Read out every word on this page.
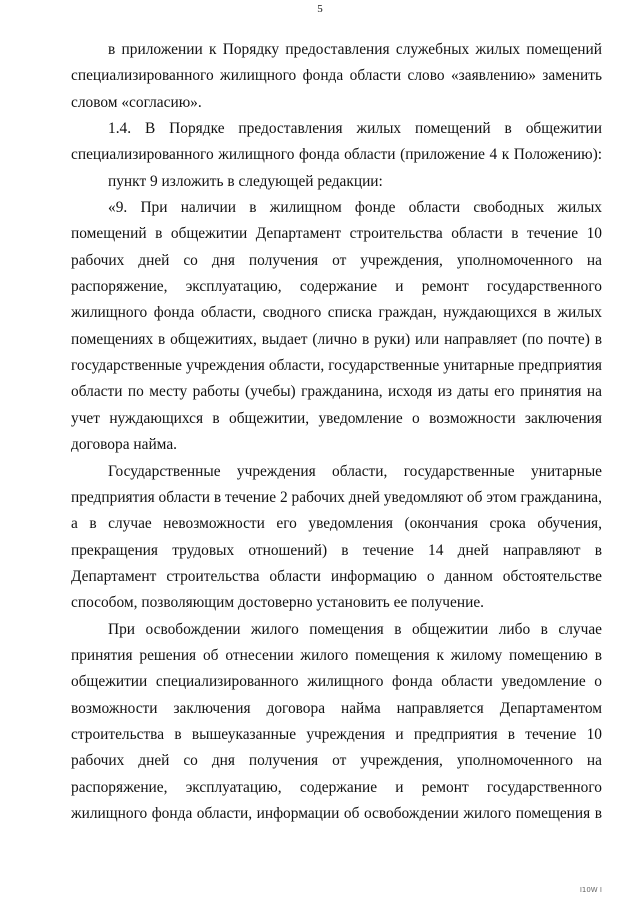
5
в приложении к Порядку предоставления служебных жилых помещений
специализированного жилищного фонда области слово «заявлению» заменить
словом «согласию».
1.4. В Порядке предоставления жилых помещений в общежитии
специализированного жилищного фонда области (приложение 4 к Положению):
пункт 9 изложить в следующей редакции:
«9. При наличии в жилищном фонде области свободных жилых
помещений в общежитии Департамент строительства области в течение 10
рабочих дней со дня получения от учреждения, уполномоченного на
распоряжение, эксплуатацию, содержание и ремонт государственного
жилищного фонда области, сводного списка граждан, нуждающихся в жилых
помещениях в общежитиях, выдает (лично в руки) или направляет (по почте) в
государственные учреждения области, государственные унитарные предприятия
области по месту работы (учебы) гражданина, исходя из даты его принятия на
учет нуждающихся в общежитии, уведомление о возможности заключения
договора найма.
Государственные учреждения области, государственные унитарные
предприятия области в течение 2 рабочих дней уведомляют об этом гражданина,
а в случае невозможности его уведомления (окончания срока обучения,
прекращения трудовых отношений) в течение 14 дней направляют в
Департамент строительства области информацию о данном обстоятельстве
способом, позволяющим достоверно установить ее получение.
При освобождении жилого помещения в общежитии либо в случае
принятия решения об отнесении жилого помещения к жилому помещению в
общежитии специализированного жилищного фонда области уведомление о
возможности заключения договора найма направляется Департаментом
строительства в вышеуказанные учреждения и предприятия в течение 10
рабочих дней со дня получения от учреждения, уполномоченного на
распоряжение, эксплуатацию, содержание и ремонт государственного
жилищного фонда области, информации об освобождении жилого помещения в
I10W I
